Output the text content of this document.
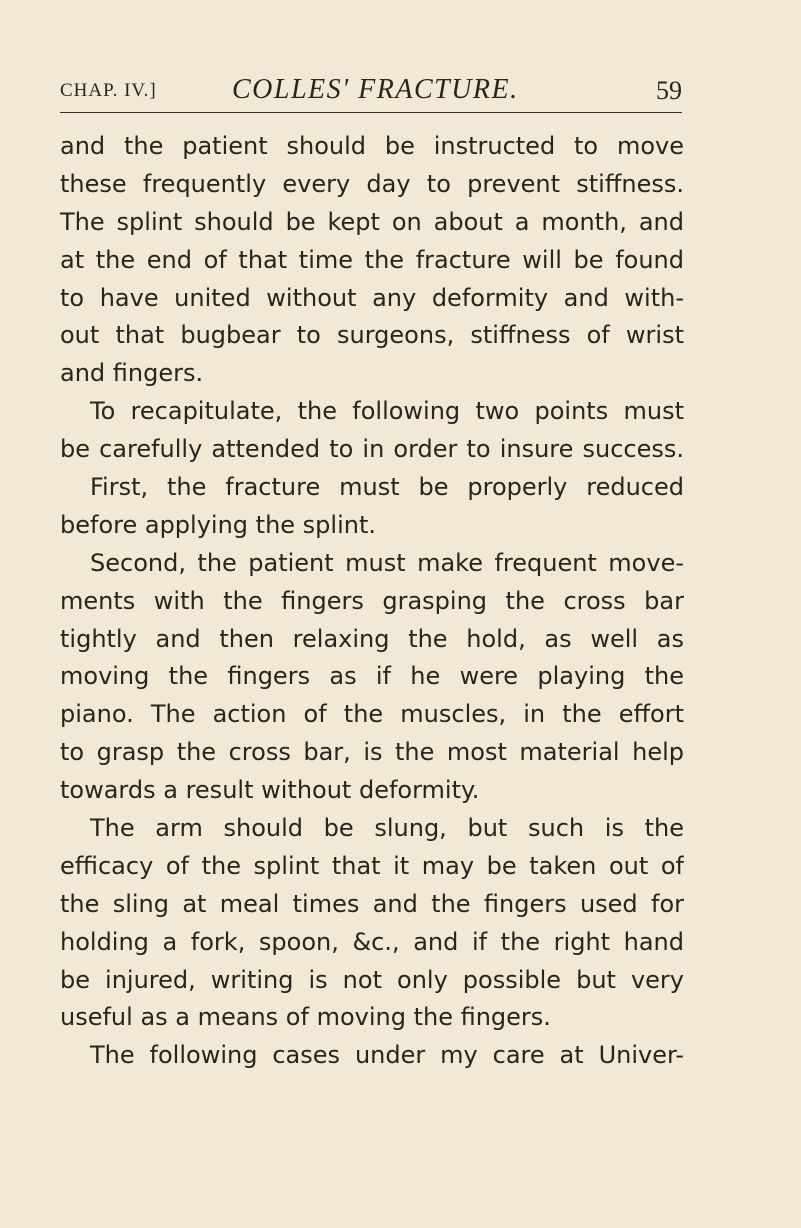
CHAP. IV.]	COLLES' FRACTURE.	59
and the patient should be instructed to move
these frequently every day to prevent stiffness.
The splint should be kept on about a month, and
at the end of that time the fracture will be found
to have united without any deformity and with-
out that bugbear to surgeons, stiffness of wrist
and fingers.
To recapitulate, the following two points must
be carefully attended to in order to insure success.
First, the fracture must be properly reduced
before applying the splint.
Second, the patient must make frequent move-
ments with the fingers grasping the cross bar
tightly and then relaxing the hold, as well as
moving the fingers as if he were playing the
piano. The action of the muscles, in the effort
to grasp the cross bar, is the most material help
towards a result without deformity.
The arm should be slung, but such is the
efficacy of the splint that it may be taken out of
the sling at meal times and the fingers used for
holding a fork, spoon, &c., and if the right hand
be injured, writing is not only possible but very
useful as a means of moving the fingers.
The following cases under my care at Univer-
